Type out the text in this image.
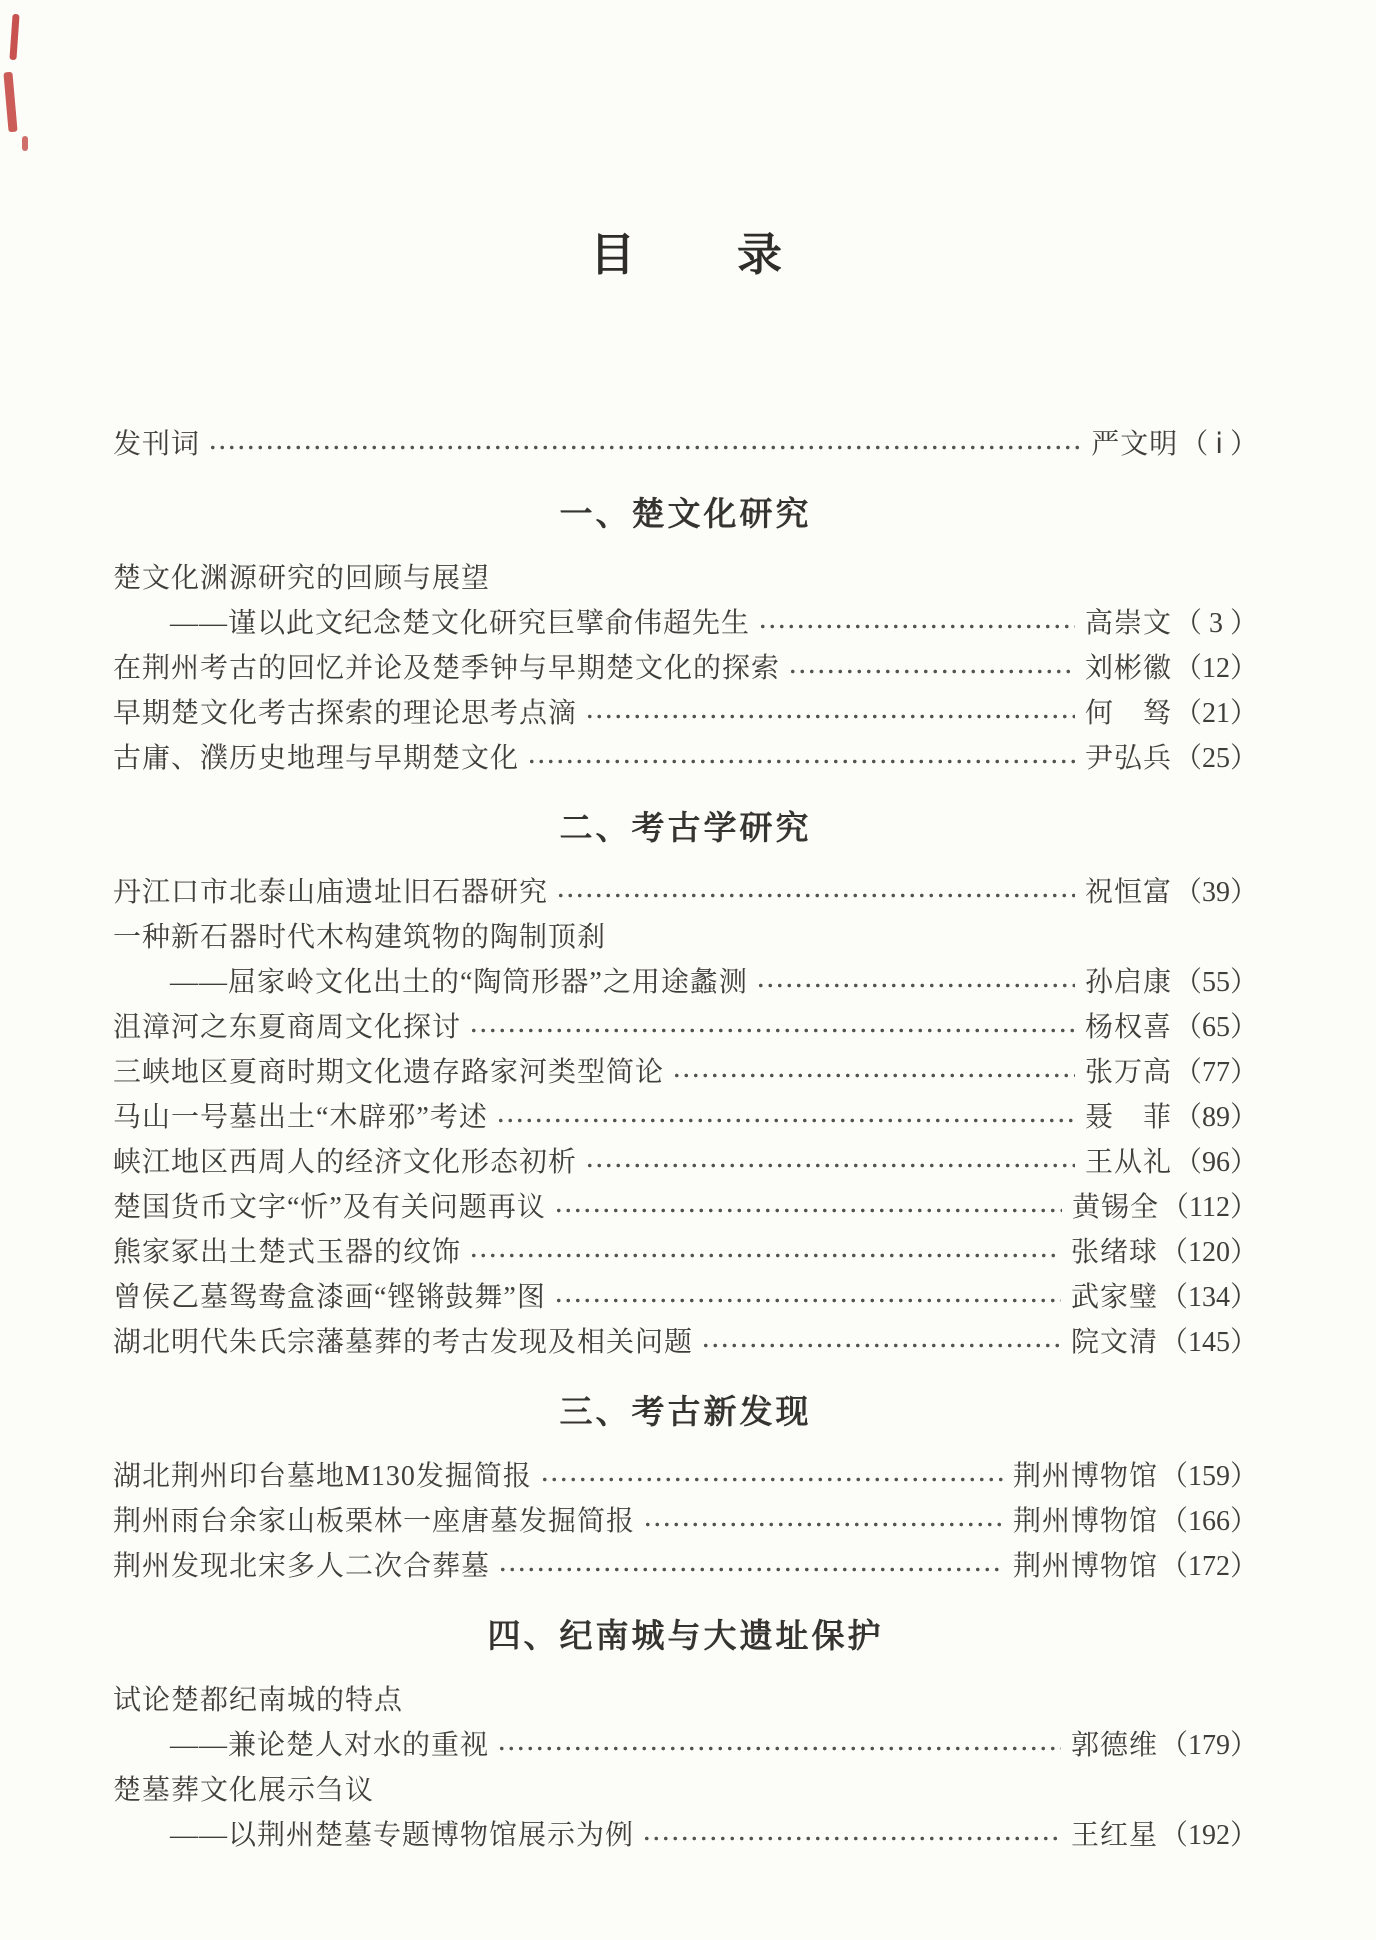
目　　录
发刊词	严文明 （ ⅰ ）
一、楚文化研究
楚文化渊源研究的回顾与展望
——谨以此文纪念楚文化研究巨擘俞伟超先生	高崇文 （ 3 ）
在荆州考古的回忆并论及楚季钟与早期楚文化的探索	刘彬徽 （12）
早期楚文化考古探索的理论思考点滴	何　驽 （21）
古庸、濮历史地理与早期楚文化	尹弘兵 （25）
二、考古学研究
丹江口市北泰山庙遗址旧石器研究	祝恒富 （39）
一种新石器时代木构建筑物的陶制顶刹
——屈家岭文化出土的“陶筒形器”之用途蠡测	孙启康 （55）
沮漳河之东夏商周文化探讨	杨权喜 （65）
三峡地区夏商时期文化遗存路家河类型简论	张万高 （77）
马山一号墓出土“木辟邪”考述	聂　菲 （89）
峡江地区西周人的经济文化形态初析	王从礼 （96）
楚国货币文字“忻”及有关问题再议	黄锡全 （112）
熊家冢出土楚式玉器的纹饰	张绪球 （120）
曾侯乙墓鸳鸯盒漆画“铿锵鼓舞”图	武家璧 （134）
湖北明代朱氏宗藩墓葬的考古发现及相关问题	院文清 （145）
三、考古新发现
湖北荆州印台墓地M130发掘简报	荆州博物馆 （159）
荆州雨台余家山板栗林一座唐墓发掘简报	荆州博物馆 （166）
荆州发现北宋多人二次合葬墓	荆州博物馆 （172）
四、纪南城与大遗址保护
试论楚都纪南城的特点
——兼论楚人对水的重视	郭德维 （179）
楚墓葬文化展示刍议
——以荆州楚墓专题博物馆展示为例	王红星 （192）
